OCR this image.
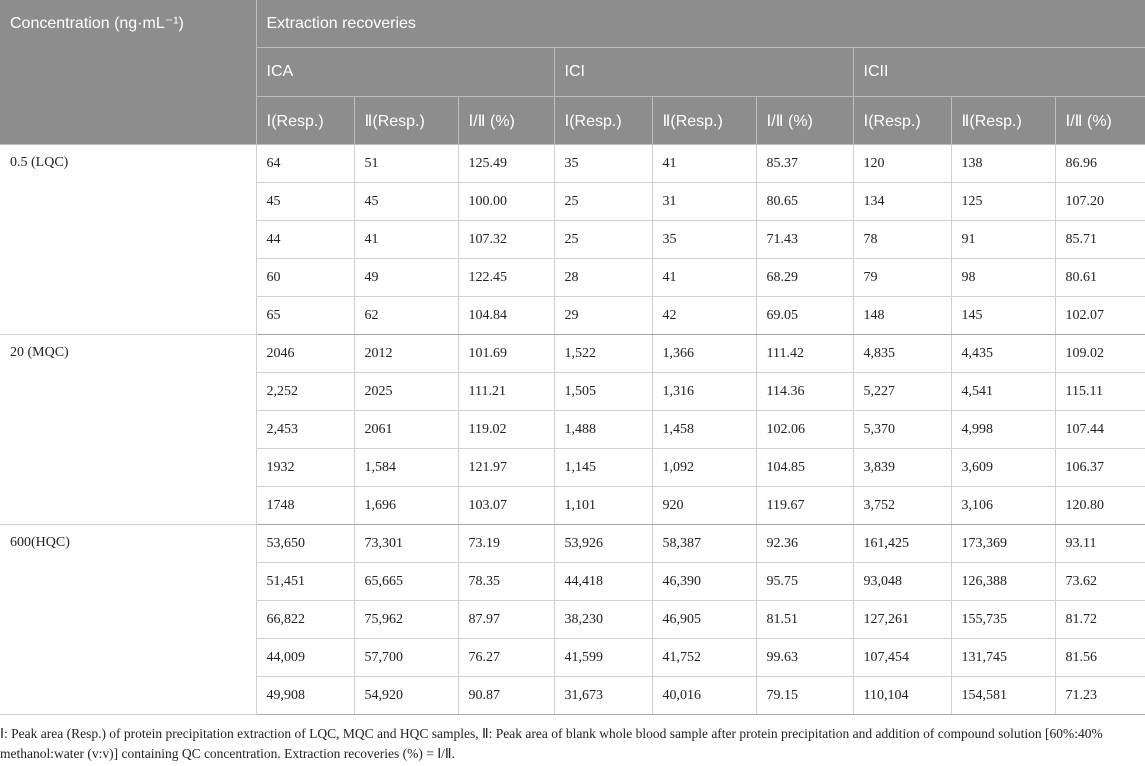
Concentration (ng·mL⁻¹)	Extraction recoveries								
	ICA			ICI			ICII		
	Ⅰ(Resp.)	Ⅱ(Resp.)	Ⅰ/Ⅱ (%)	Ⅰ(Resp.)	Ⅱ(Resp.)	Ⅰ/Ⅱ (%)	Ⅰ(Resp.)	Ⅱ(Resp.)	Ⅰ/Ⅱ (%)
0.5 (LQC)	64	51	125.49	35	41	85.37	120	138	86.96
	45	45	100.00	25	31	80.65	134	125	107.20
	44	41	107.32	25	35	71.43	78	91	85.71
	60	49	122.45	28	41	68.29	79	98	80.61
	65	62	104.84	29	42	69.05	148	145	102.07
20 (MQC)	2046	2012	101.69	1,522	1,366	111.42	4,835	4,435	109.02
	2,252	2025	111.21	1,505	1,316	114.36	5,227	4,541	115.11
	2,453	2061	119.02	1,488	1,458	102.06	5,370	4,998	107.44
	1932	1,584	121.97	1,145	1,092	104.85	3,839	3,609	106.37
	1748	1,696	103.07	1,101	920	119.67	3,752	3,106	120.80
600(HQC)	53,650	73,301	73.19	53,926	58,387	92.36	161,425	173,369	93.11
	51,451	65,665	78.35	44,418	46,390	95.75	93,048	126,388	73.62
	66,822	75,962	87.97	38,230	46,905	81.51	127,261	155,735	81.72
	44,009	57,700	76.27	41,599	41,752	99.63	107,454	131,745	81.56
	49,908	54,920	90.87	31,673	40,016	79.15	110,104	154,581	71.23

Ⅰ: Peak area (Resp.) of protein precipitation extraction of LQC, MQC and HQC samples, Ⅱ: Peak area of blank whole blood sample after protein precipitation and addition of compound solution [60%:40% methanol:water (v:v)] containing QC concentration. Extraction recoveries (%) = Ⅰ/Ⅱ.
